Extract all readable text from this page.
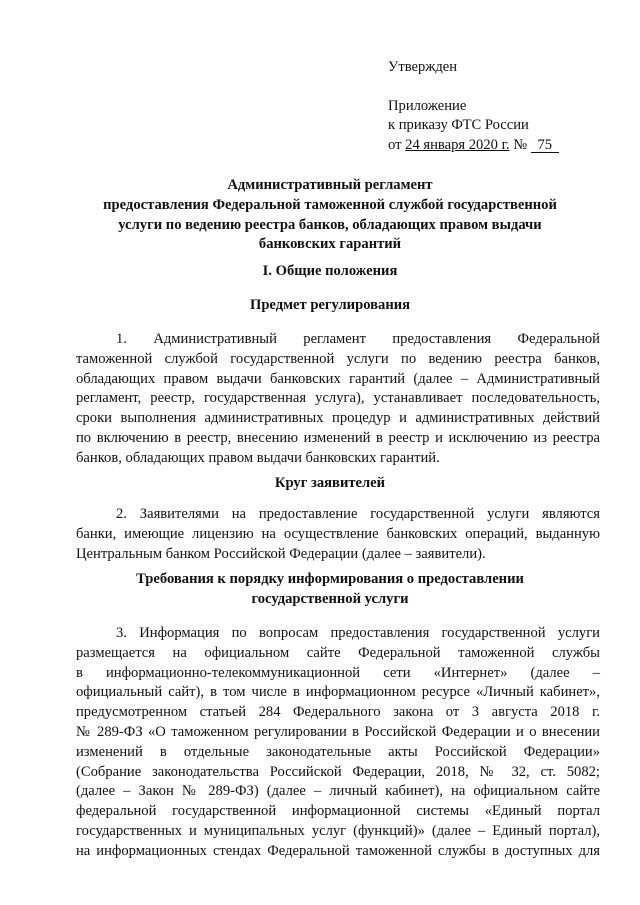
Утвержден
Приложение
к приказу ФТС России
от 24 января 2020 г. № 75
Административный регламент
предоставления Федеральной таможенной службой государственной
услуги по ведению реестра банков, обладающих правом выдачи
банковских гарантий
I. Общие положения
Предмет регулирования
1. Административный регламент предоставления Федеральной
таможенной службой государственной услуги по ведению реестра банков,
обладающих правом выдачи банковских гарантий (далее – Административный
регламент, реестр, государственная услуга), устанавливает последовательность,
сроки выполнения административных процедур и административных действий
по включению в реестр, внесению изменений в реестр и исключению из реестра
банков, обладающих правом выдачи банковских гарантий.
Круг заявителей
2. Заявителями на предоставление государственной услуги являются
банки, имеющие лицензию на осуществление банковских операций, выданную
Центральным банком Российской Федерации (далее – заявители).
Требования к порядку информирования о предоставлении
государственной услуги
3. Информация по вопросам предоставления государственной услуги
размещается на официальном сайте Федеральной таможенной службы
в информационно-телекоммуникационной сети «Интернет» (далее –
официальный сайт), в том числе в информационном ресурсе «Личный кабинет»,
предусмотренном статьей 284 Федерального закона от 3 августа 2018 г.
№ 289-ФЗ «О таможенном регулировании в Российской Федерации и о внесении
изменений в отдельные законодательные акты Российской Федерации»
(Собрание законодательства Российской Федерации, 2018, № 32, ст. 5082;
(далее – Закон № 289-ФЗ) (далее – личный кабинет), на официальном сайте
федеральной государственной информационной системы «Единый портал
государственных и муниципальных услуг (функций)» (далее – Единый портал),
на информационных стендах Федеральной таможенной службы в доступных для
